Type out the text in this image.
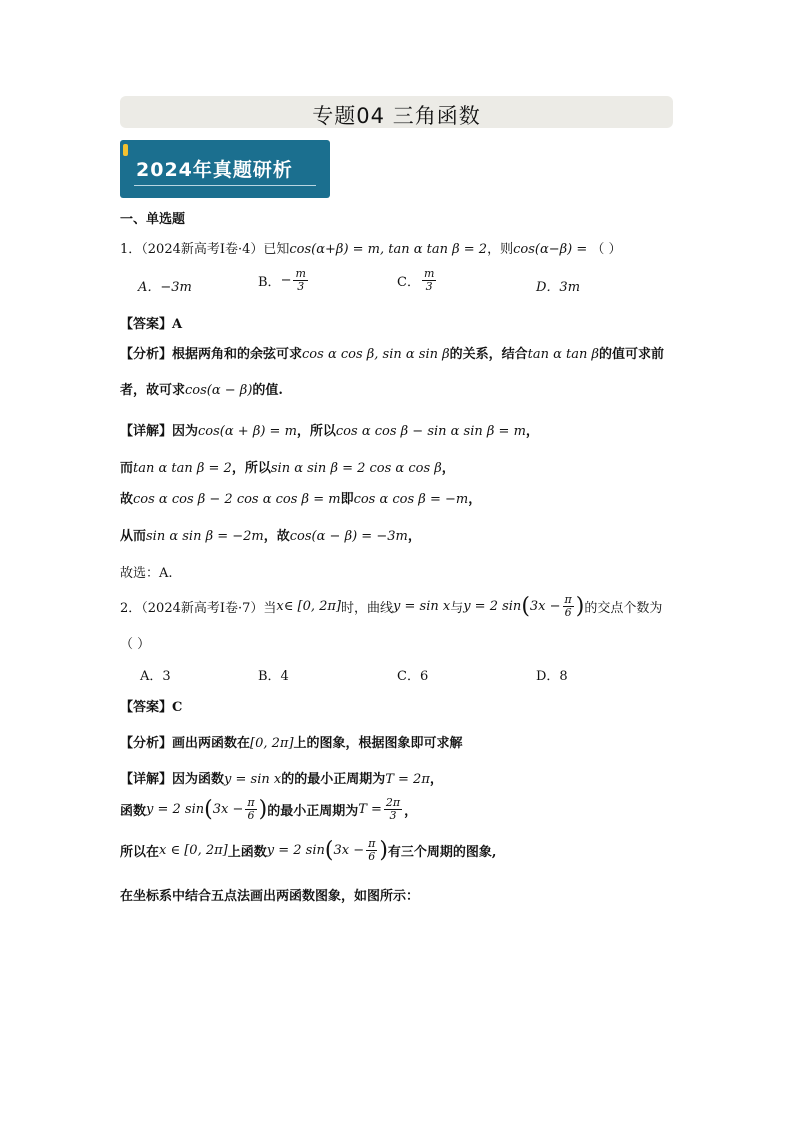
专题04 三角函数
2024年真题研析
一、单选题
1．（2024新高考Ⅰ卷·4）已知cos(α+β) = m, tan α tan β = 2，则cos(α−β) = （ ）
A．−3m	B．− $\frac{m}{3}$	C． $\frac{m}{3}$	D．3m
【答案】A
【分析】根据两角和的余弦可求cos α cos β, sin α sin β的关系，结合tan α tan β的值可求前
者，故可求cos(α − β)的值.
【详解】因为cos(α + β) = m，所以cos α cos β − sin α sin β = m，
而tan α tan β = 2，所以sin α sin β = 2 cos α cos β，
故cos α cos β − 2 cos α cos β = m即cos α cos β = −m，
从而sin α sin β = −2m，故cos(α − β) = −3m，
故选：A.
2．（2024新高考Ⅰ卷·7）当x∈ [0, 2π]时，曲线y = sin x与y = 2 $\sin(3x - \frac{\pi}{6}$ )的交点个数为
（ ）
A．3	B．4	C．6	D．8
【答案】C
【分析】画出两函数在[0, 2π]上的图象，根据图象即可求解
【详解】因为函数y = sin x的的最小正周期为T = 2π，
函数y = 2 $\sin(3x - \frac{\pi}{6}$ )的最小正周期为$T = \frac{2\pi}{3}$ ，
所以在x ∈ [0, 2π]上函数y = 2 $\sin(3x - \frac{\pi}{6}$ )有三个周期的图象,
在坐标系中结合五点法画出两函数图象，如图所示：
